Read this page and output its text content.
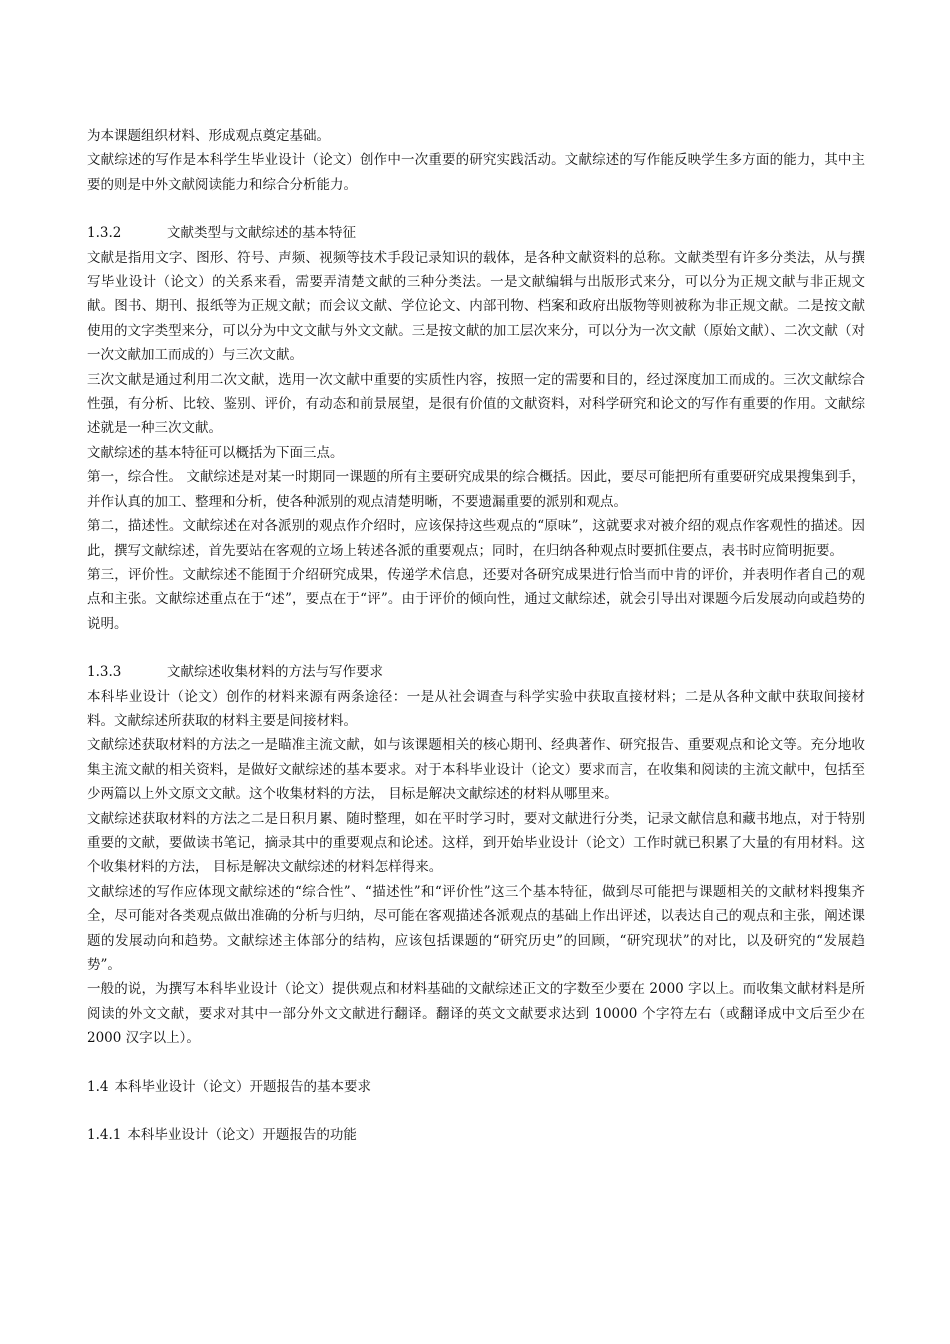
为本课题组织材料、形成观点奠定基础。

文献综述的写作是本科学生毕业设计（论文）创作中一次重要的研究实践活动。文献综述的写作能反映学生多方面的能力，其中主要的则是中外文献阅读能力和综合分析能力。

1.3.2	文献类型与文献综述的基本特征

文献是指用文字、图形、符号、声频、视频等技术手段记录知识的载体，是各种文献资料的总称。文献类型有许多分类法，从与撰写毕业设计（论文）的关系来看，需要弄清楚文献的三种分类法。一是文献编辑与出版形式来分，可以分为正规文献与非正规文献。图书、期刊、报纸等为正规文献；而会议文献、学位论文、内部刊物、档案和政府出版物等则被称为非正规文献。二是按文献使用的文字类型来分，可以分为中文文献与外文文献。三是按文献的加工层次来分，可以分为一次文献（原始文献）、二次文献（对一次文献加工而成的）与三次文献。

三次文献是通过利用二次文献，选用一次文献中重要的实质性内容，按照一定的需要和目的，经过深度加工而成的。三次文献综合性强，有分析、比较、鉴别、评价，有动态和前景展望，是很有价值的文献资料，对科学研究和论文的写作有重要的作用。文献综述就是一种三次文献。

文献综述的基本特征可以概括为下面三点。

第一，综合性。 文献综述是对某一时期同一课题的所有主要研究成果的综合概括。因此，要尽可能把所有重要研究成果搜集到手，并作认真的加工、整理和分析，使各种派别的观点清楚明晰，不要遗漏重要的派别和观点。

第二，描述性。文献综述在对各派别的观点作介绍时，应该保持这些观点的“原味”，这就要求对被介绍的观点作客观性的描述。因此，撰写文献综述，首先要站在客观的立场上转述各派的重要观点；同时，在归纳各种观点时要抓住要点，表书时应简明扼要。

第三，评价性。文献综述不能囿于介绍研究成果，传递学术信息，还要对各研究成果进行恰当而中肯的评价，并表明作者自己的观点和主张。文献综述重点在于“述”，要点在于“评”。由于评价的倾向性，通过文献综述，就会引导出对课题今后发展动向或趋势的说明。

1.3.3	文献综述收集材料的方法与写作要求

本科毕业设计（论文）创作的材料来源有两条途径：一是从社会调查与科学实验中获取直接材料；二是从各种文献中获取间接材料。文献综述所获取的材料主要是间接材料。

文献综述获取材料的方法之一是瞄准主流文献，如与该课题相关的核心期刊、经典著作、研究报告、重要观点和论文等。充分地收集主流文献的相关资料，是做好文献综述的基本要求。对于本科毕业设计（论文）要求而言，在收集和阅读的主流文献中，包括至少两篇以上外文原文文献。这个收集材料的方法， 目标是解决文献综述的材料从哪里来。

文献综述获取材料的方法之二是日积月累、随时整理，如在平时学习时，要对文献进行分类，记录文献信息和藏书地点，对于特别重要的文献，要做读书笔记，摘录其中的重要观点和论述。这样，到开始毕业设计（论文）工作时就已积累了大量的有用材料。这个收集材料的方法， 目标是解决文献综述的材料怎样得来。

文献综述的写作应体现文献综述的“综合性”、“描述性”和“评价性”这三个基本特征，做到尽可能把与课题相关的文献材料搜集齐全，尽可能对各类观点做出准确的分析与归纳，尽可能在客观描述各派观点的基础上作出评述，以表达自己的观点和主张，阐述课题的发展动向和趋势。文献综述主体部分的结构，应该包括课题的“研究历史”的回顾，“研究现状”的对比，以及研究的“发展趋势”。

一般的说，为撰写本科毕业设计（论文）提供观点和材料基础的文献综述正文的字数至少要在 2000 字以上。而收集文献材料是所阅读的外文文献，要求对其中一部分外文文献进行翻译。翻译的英文文献要求达到 10000 个字符左右（或翻译成中文后至少在 2000 汉字以上）。

1.4 本科毕业设计（论文）开题报告的基本要求
1.4.1 本科毕业设计（论文）开题报告的功能
